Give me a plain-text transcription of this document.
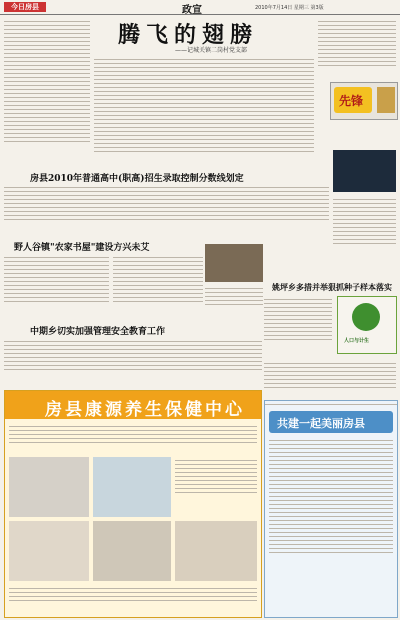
今日房县	政宣	2010年7月14日 星期三 第3版
腾飞的翅膀
——记城关镇二岗村党支部
先锋
房县2010年普通高中(职高)招生录取控制分数线划定
野人谷镇"农家书屋"建设方兴未艾
姚坪乡多措并举狠抓种子样本落实
人口与计生
中期乡切实加强管理安全教育工作
房县康源养生保健中心
共建一起美丽房县
